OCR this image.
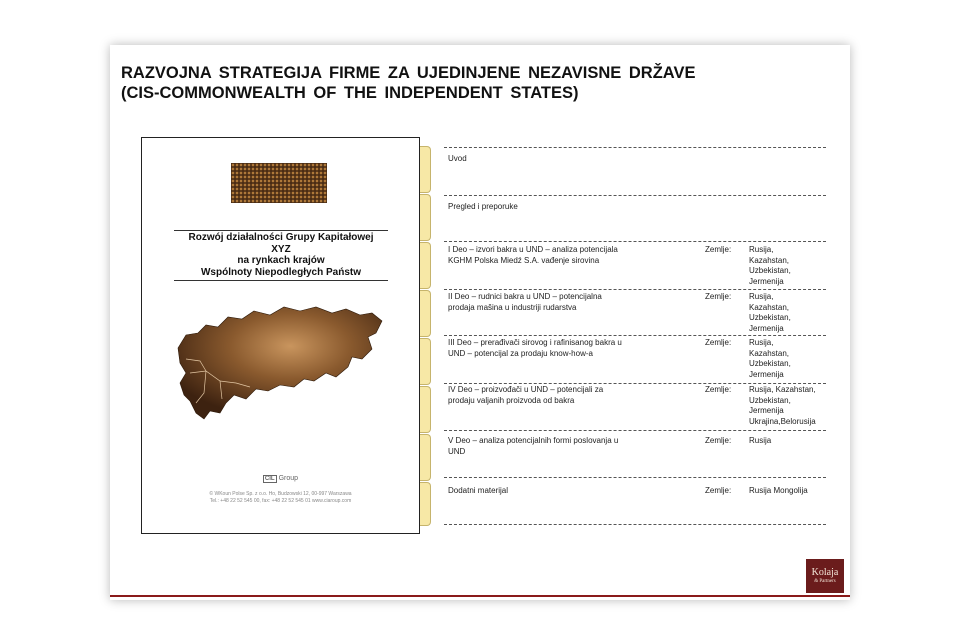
RAZVOJNA STRATEGIJA FIRME ZA UJEDINJENE NEZAVISNE DRŽAVE
(CIS-COMMONWEALTH OF THE INDEPENDENT STATES)
Rozwój działalności Grupy Kapitałowej
XYZ
na rynkach krajów
Wspólnoty Niepodległych Państw
CIL Group
© WKoun Polse Sp. z o.o. Ho, Budzowski 12, 00-997 Warszawa
Tel.: +48 22 52 545 00, fax: +48 22 52 545 01 www.ciaroup.com
Uvod
Pregled i preporuke
I Deo – izvori bakra u UND – analiza potencijala
KGHM Polska Miedź S.A. vađenje sirovina
Zemlje:	Rusija,
Kazahstan,
Uzbekistan,
Jermenija
II Deo – rudnici bakra u UND – potencijalna
prodaja mašina u industriji rudarstva
Zemlje:	Rusija,
Kazahstan,
Uzbekistan,
Jermenija
III Deo – prerađivači sirovog i rafinisanog bakra u
UND – potencijal za prodaju know-how-a
Zemlje:	Rusija,
Kazahstan,
Uzbekistan,
Jermenija
IV Deo – proizvođači u UND – potencijali za
prodaju valjanih proizvoda od bakra
Zemlje:	Rusija, Kazahstan,
Uzbekistan,
Jermenija
Ukrajina,Belorusija
V Deo – analiza potencijalnih formi poslovanja u
UND
Zemlje:	Rusija
Dodatni materijal	Zemlje:	Rusija Mongolija
Kolaja
& Partners
